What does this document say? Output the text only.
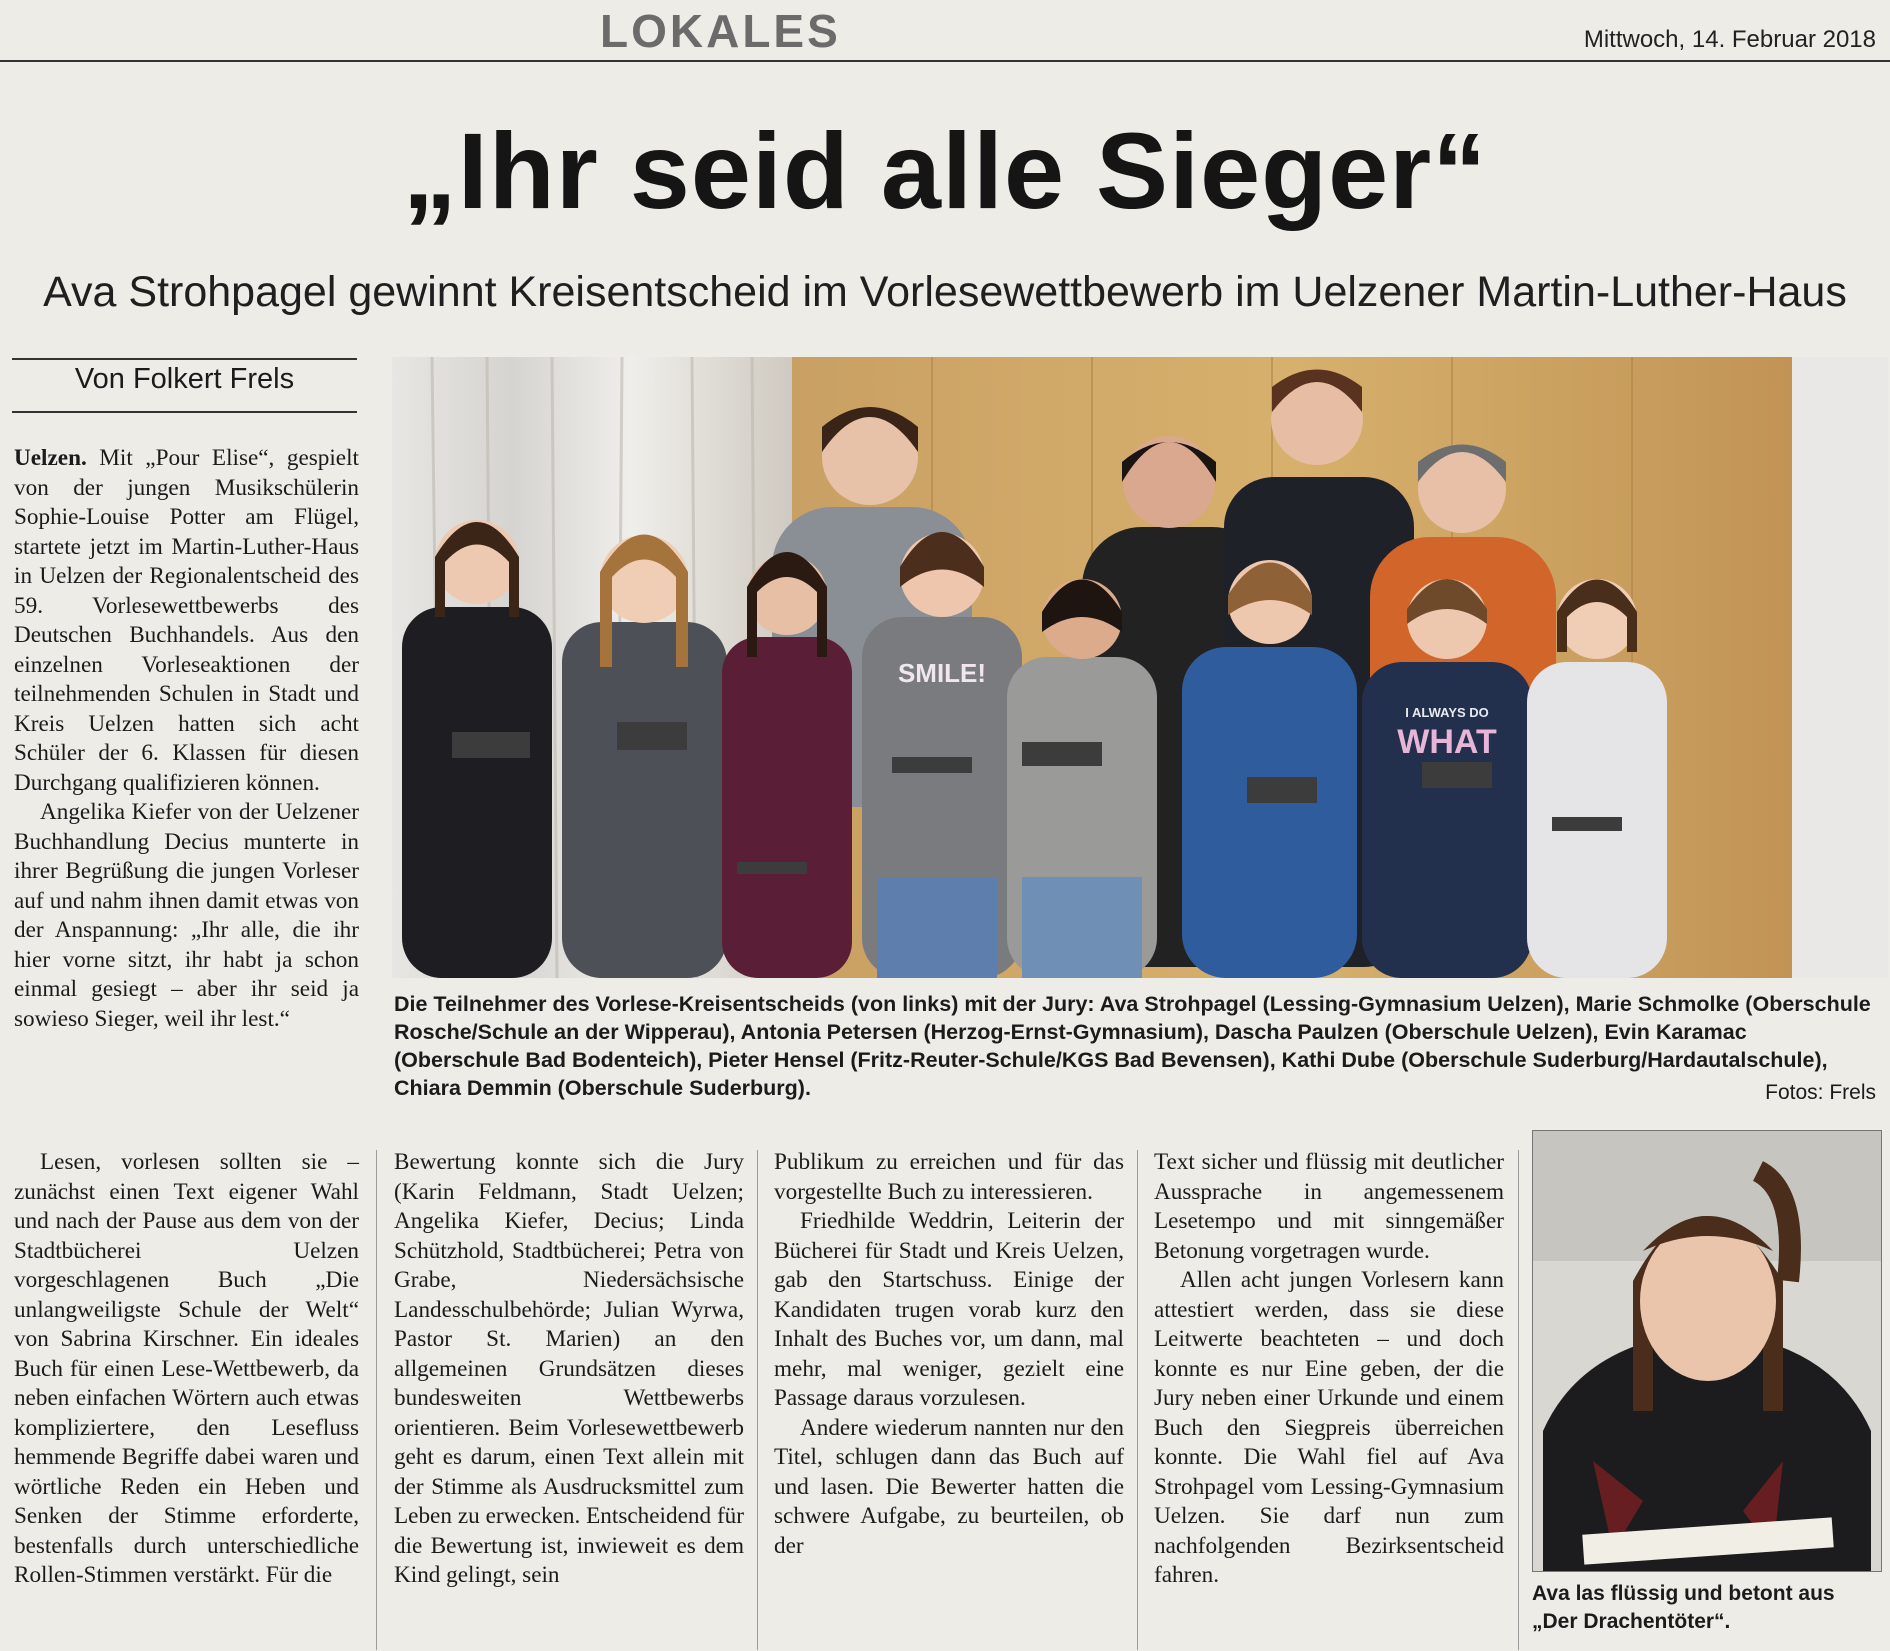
LOKALES	Mittwoch, 14. Februar 2018
„Ihr seid alle Sieger“
Ava Strohpagel gewinnt Kreisentscheid im Vorlesewettbewerb im Uelzener Martin-Luther-Haus
Von Folkert Frels

Uelzen. Mit „Pour Elise“, gespielt von der jungen Musikschülerin Sophie-Louise Potter am Flügel, startete jetzt im Martin-Luther-Haus in Uelzen der Regionalentscheid des 59. Vorlesewettbewerbs des Deutschen Buchhandels. Aus den einzelnen Vorleseaktionen der teilnehmenden Schulen in Stadt und Kreis Uelzen hatten sich acht Schüler der 6. Klassen für diesen Durchgang qualifizieren können.

Angelika Kiefer von der Uelzener Buchhandlung Decius munterte in ihrer Begrüßung die jungen Vorleser auf und nahm ihnen damit etwas von der Anspannung: „Ihr alle, die ihr hier vorne sitzt, ihr habt ja schon einmal gesiegt – aber ihr seid ja sowieso Sieger, weil ihr lest.“

Lesen, vorlesen sollten sie – zunächst einen Text eigener Wahl und nach der Pause aus dem von der Stadtbücherei Uelzen vorgeschlagenen Buch „Die unlangweiligste Schule der Welt“ von Sabrina Kirschner. Ein ideales Buch für einen Lese-Wettbewerb, da neben einfachen Wörtern auch etwas kompliziertere, den Lesefluss hemmende Begriffe dabei waren und wörtliche Reden ein Heben und Senken der Stimme erforderte, bestenfalls durch unterschiedliche Rollen-Stimmen verstärkt. Für die

Bewertung konnte sich die Jury (Karin Feldmann, Stadt Uelzen; Angelika Kiefer, Decius; Linda Schützhold, Stadtbücherei; Petra von Grabe, Niedersächsische Landesschulbehörde; Julian Wyrwa, Pastor St. Marien) an den allgemeinen Grundsätzen dieses bundesweiten Wettbewerbs orientieren. Beim Vorlesewettbewerb geht es darum, einen Text allein mit der Stimme als Ausdrucksmittel zum Leben zu erwecken. Entscheidend für die Bewertung ist, inwieweit es dem Kind gelingt, sein

Publikum zu erreichen und für das vorgestellte Buch zu interessieren.

Friedhilde Weddrin, Leiterin der Bücherei für Stadt und Kreis Uelzen, gab den Startschuss. Einige der Kandidaten trugen vorab kurz den Inhalt des Buches vor, um dann, mal mehr, mal weniger, gezielt eine Passage daraus vorzulesen.

Andere wiederum nannten nur den Titel, schlugen dann das Buch auf und lasen. Die Bewerter hatten die schwere Aufgabe, zu beurteilen, ob der

Text sicher und flüssig mit deutlicher Aussprache in angemessenem Lesetempo und mit sinngemäßer Betonung vorgetragen wurde.

Allen acht jungen Vorlesern kann attestiert werden, dass sie diese Leitwerte beachteten – und doch konnte es nur Eine geben, der die Jury neben einer Urkunde und einem Buch den Siegpreis überreichen konnte. Die Wahl fiel auf Ava Strohpagel vom Lessing-Gymnasium Uelzen. Sie darf nun zum nachfolgenden Bezirksentscheid fahren.

SMILE!
I ALWAYS DO
WHAT
Die Teilnehmer des Vorlese-Kreisentscheids (von links) mit der Jury: Ava Strohpagel (Lessing-Gymnasium Uelzen), Marie Schmolke (Oberschule Rosche/Schule an der Wipperau), Antonia Petersen (Herzog-Ernst-Gymnasium), Dascha Paulzen (Oberschule Uelzen), Evin Karamac (Oberschule Bad Bodenteich), Pieter Hensel (Fritz-Reuter-Schule/KGS Bad Bevensen), Kathi Dube (Oberschule Suderburg/Hardautalschule), Chiara Demmin (Oberschule Suderburg).	Fotos: Frels
Ava las flüssig und betont aus „Der Drachentöter“.
